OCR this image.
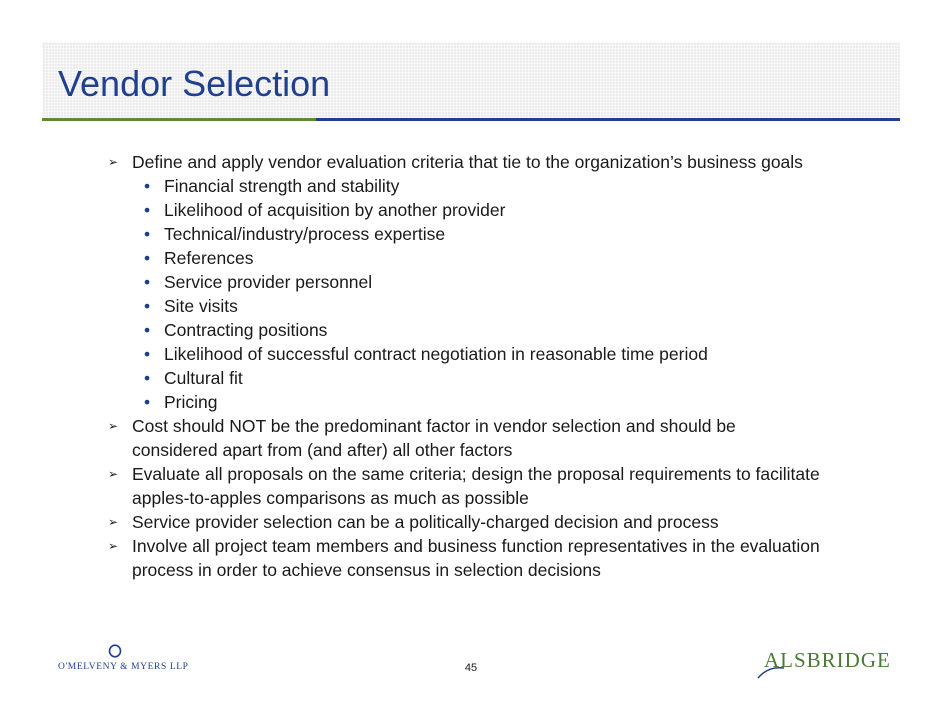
Vendor Selection
➢ Define and apply vendor evaluation criteria that tie to the organization’s business goals
• Financial strength and stability
• Likelihood of acquisition by another provider
• Technical/industry/process expertise
• References
• Service provider personnel
• Site visits
• Contracting positions
• Likelihood of successful contract negotiation in reasonable time period
• Cultural fit
• Pricing
➢ Cost should NOT be the predominant factor in vendor selection and should be considered apart from (and after) all other factors
➢ Evaluate all proposals on the same criteria; design the proposal requirements to facilitate apples-to-apples comparisons as much as possible
➢ Service provider selection can be a politically-charged decision and process
➢ Involve all project team members and business function representatives in the evaluation process in order to achieve consensus in selection decisions
O'MELVENY & MYERS LLP	45	ALSBRIDGE
